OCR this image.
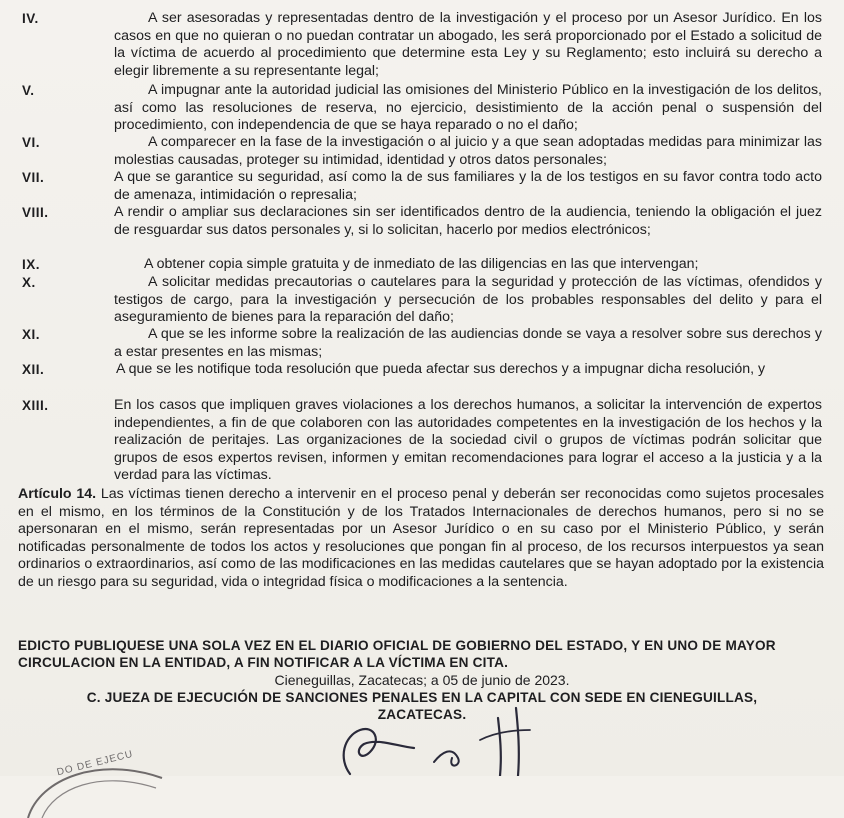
IV.	A ser asesoradas y representadas dentro de la investigación y el proceso por un Asesor Jurídico. En los casos en que no quieran o no puedan contratar un abogado, les será proporcionado por el Estado a solicitud de la víctima de acuerdo al procedimiento que determine esta Ley y su Reglamento; esto incluirá su derecho a elegir libremente a su representante legal;
V.	A impugnar ante la autoridad judicial las omisiones del Ministerio Público en la investigación de los delitos, así como las resoluciones de reserva, no ejercicio, desistimiento de la acción penal o suspensión del procedimiento, con independencia de que se haya reparado o no el daño;
VI.	A comparecer en la fase de la investigación o al juicio y a que sean adoptadas medidas para minimizar las molestias causadas, proteger su intimidad, identidad y otros datos personales;
VII.	A que se garantice su seguridad, así como la de sus familiares y la de los testigos en su favor contra todo acto de amenaza, intimidación o represalia;
VIII.	A rendir o ampliar sus declaraciones sin ser identificados dentro de la audiencia, teniendo la obligación el juez de resguardar sus datos personales y, si lo solicitan, hacerlo por medios electrónicos;
IX.	A obtener copia simple gratuita y de inmediato de las diligencias en las que intervengan;
X.	A solicitar medidas precautorias o cautelares para la seguridad y protección de las víctimas, ofendidos y testigos de cargo, para la investigación y persecución de los probables responsables del delito y para el aseguramiento de bienes para la reparación del daño;
XI.	A que se les informe sobre la realización de las audiencias donde se vaya a resolver sobre sus derechos y a estar presentes en las mismas;
XII.	A que se les notifique toda resolución que pueda afectar sus derechos y a impugnar dicha resolución, y
XIII.	En los casos que impliquen graves violaciones a los derechos humanos, a solicitar la intervención de expertos independientes, a fin de que colaboren con las autoridades competentes en la investigación de los hechos y la realización de peritajes. Las organizaciones de la sociedad civil o grupos de víctimas podrán solicitar que grupos de esos expertos revisen, informen y emitan recomendaciones para lograr el acceso a la justicia y a la verdad para las víctimas.
Artículo 14. Las víctimas tienen derecho a intervenir en el proceso penal y deberán ser reconocidas como sujetos procesales en el mismo, en los términos de la Constitución y de los Tratados Internacionales de derechos humanos, pero si no se apersonaran en el mismo, serán representadas por un Asesor Jurídico o en su caso por el Ministerio Público, y serán notificadas personalmente de todos los actos y resoluciones que pongan fin al proceso, de los recursos interpuestos ya sean ordinarios o extraordinarios, así como de las modificaciones en las medidas cautelares que se hayan adoptado por la existencia de un riesgo para su seguridad, vida o integridad física o modificaciones a la sentencia.
EDICTO PUBLIQUESE UNA SOLA VEZ EN EL DIARIO OFICIAL DE GOBIERNO DEL ESTADO, Y EN UNO DE MAYOR CIRCULACION EN LA ENTIDAD, A FIN NOTIFICAR A LA VÍCTIMA EN CITA.
Cieneguillas, Zacatecas; a 05 de junio de 2023.
C. JUEZA DE EJECUCIÓN DE SANCIONES PENALES EN LA CAPITAL CON SEDE EN CIENEGUILLAS,
ZACATECAS.
DO DE EJECU
